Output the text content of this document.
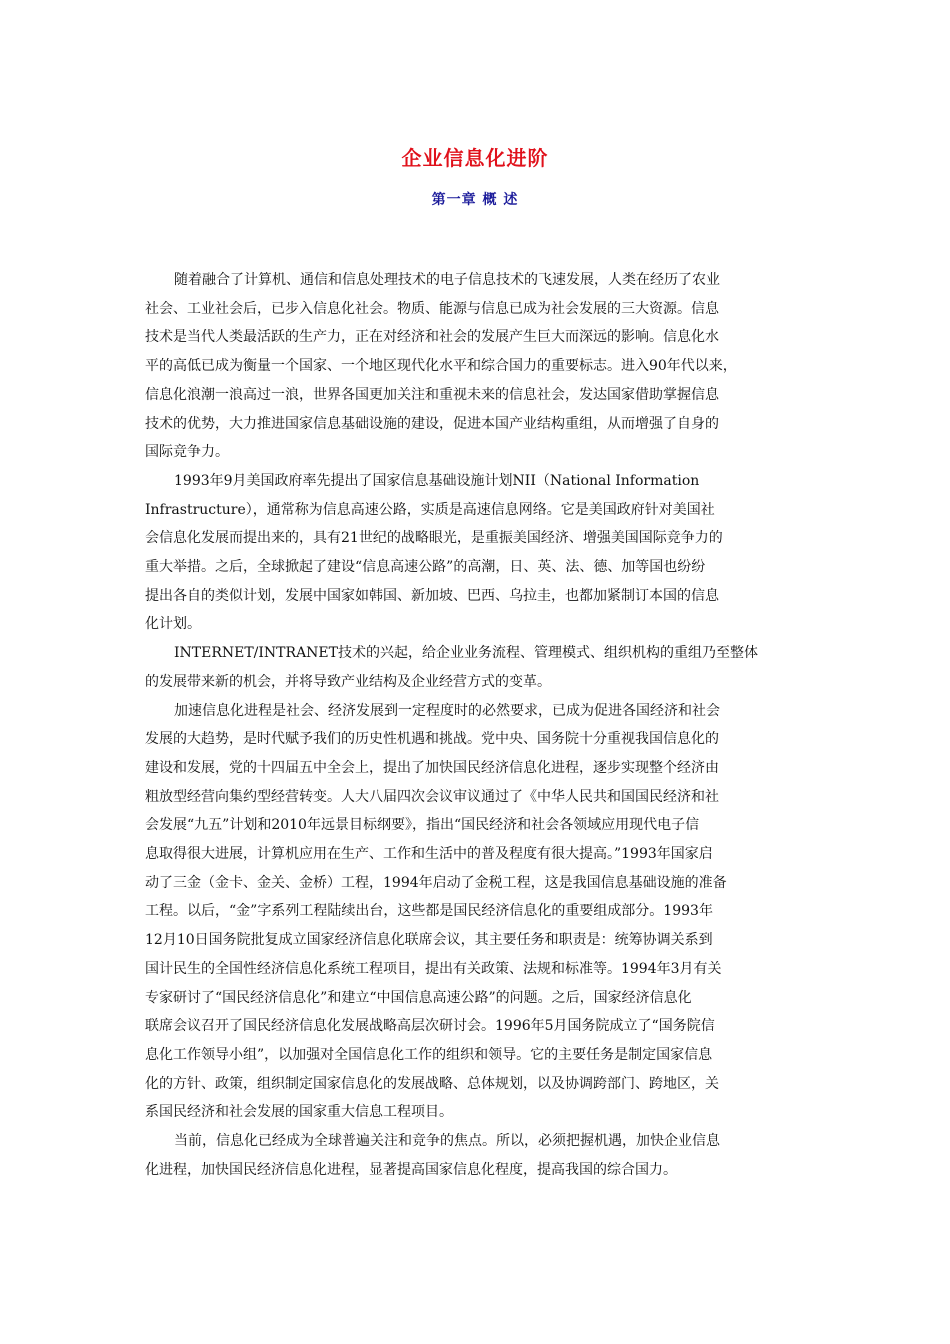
企业信息化进阶
第一章 概 述
随着融合了计算机、通信和信息处理技术的电子信息技术的飞速发展，人类在经历了农业
社会、工业社会后，已步入信息化社会。物质、能源与信息已成为社会发展的三大资源。信息
技术是当代人类最活跃的生产力，正在对经济和社会的发展产生巨大而深远的影响。信息化水
平的高低已成为衡量一个国家、一个地区现代化水平和综合国力的重要标志。进入90年代以来，
信息化浪潮一浪高过一浪，世界各国更加关注和重视未来的信息社会，发达国家借助掌握信息
技术的优势，大力推进国家信息基础设施的建设，促进本国产业结构重组，从而增强了自身的
国际竞争力。
1993年9月美国政府率先提出了国家信息基础设施计划NII（National Information
Infrastructure），通常称为信息高速公路，实质是高速信息网络。它是美国政府针对美国社
会信息化发展而提出来的，具有21世纪的战略眼光，是重振美国经济、增强美国国际竞争力的
重大举措。之后，全球掀起了建设“信息高速公路”的高潮，日、英、法、德、加等国也纷纷
提出各自的类似计划，发展中国家如韩国、新加坡、巴西、乌拉圭，也都加紧制订本国的信息
化计划。
INTERNET/INTRANET技术的兴起，给企业业务流程、管理模式、组织机构的重组乃至整体
的发展带来新的机会，并将导致产业结构及企业经营方式的变革。
加速信息化进程是社会、经济发展到一定程度时的必然要求，已成为促进各国经济和社会
发展的大趋势，是时代赋予我们的历史性机遇和挑战。党中央、国务院十分重视我国信息化的
建设和发展，党的十四届五中全会上，提出了加快国民经济信息化进程，逐步实现整个经济由
粗放型经营向集约型经营转变。人大八届四次会议审议通过了《中华人民共和国国民经济和社
会发展“九五”计划和2010年远景目标纲要》，指出“国民经济和社会各领域应用现代电子信
息取得很大进展，计算机应用在生产、工作和生活中的普及程度有很大提高。”1993年国家启
动了三金（金卡、金关、金桥）工程，1994年启动了金税工程，这是我国信息基础设施的准备
工程。以后，“金”字系列工程陆续出台，这些都是国民经济信息化的重要组成部分。1993年
12月10日国务院批复成立国家经济信息化联席会议，其主要任务和职责是：统筹协调关系到
国计民生的全国性经济信息化系统工程项目，提出有关政策、法规和标准等。1994年3月有关
专家研讨了“国民经济信息化”和建立“中国信息高速公路”的问题。之后，国家经济信息化
联席会议召开了国民经济信息化发展战略高层次研讨会。1996年5月国务院成立了“国务院信
息化工作领导小组”，以加强对全国信息化工作的组织和领导。它的主要任务是制定国家信息
化的方针、政策，组织制定国家信息化的发展战略、总体规划，以及协调跨部门、跨地区，关
系国民经济和社会发展的国家重大信息工程项目。
当前，信息化已经成为全球普遍关注和竞争的焦点。所以，必须把握机遇，加快企业信息
化进程，加快国民经济信息化进程，显著提高国家信息化程度，提高我国的综合国力。
